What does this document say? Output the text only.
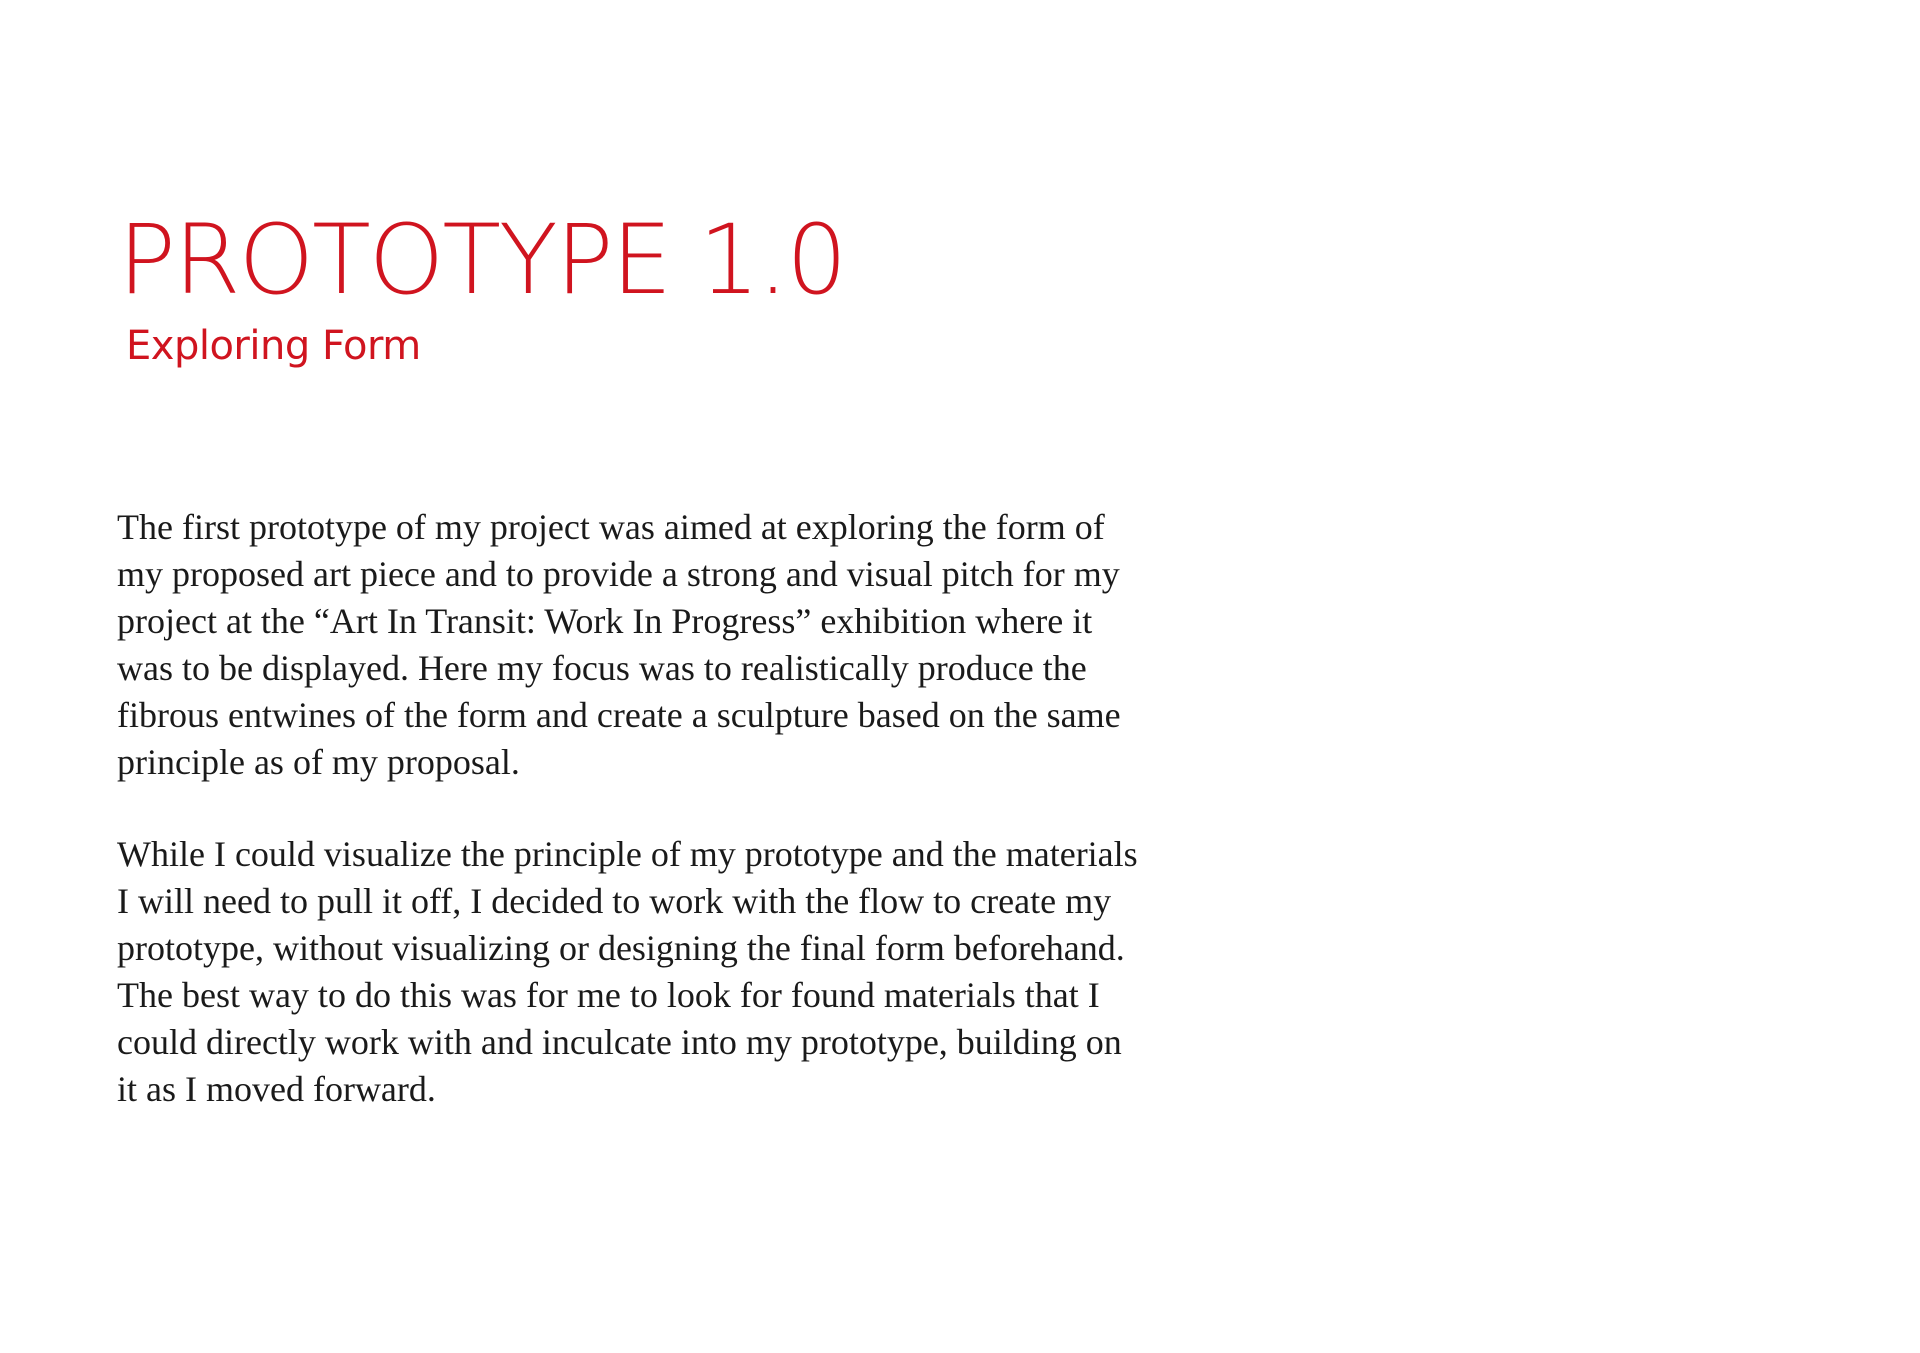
PROTOTYPE 1.0
Exploring Form
The first prototype of my project was aimed at exploring the form of
my proposed art piece and to provide a strong and visual pitch for my
project at the “Art In Transit: Work In Progress” exhibition where it
was to be displayed. Here my focus was to realistically produce the
fibrous entwines of the form and create a sculpture based on the same
principle as of my proposal.
While I could visualize the principle of my prototype and the materials
I will need to pull it off, I decided to work with the flow to create my
prototype, without visualizing or designing the final form beforehand.
The best way to do this was for me to look for found materials that I
could directly work with and inculcate into my prototype, building on
it as I moved forward.
